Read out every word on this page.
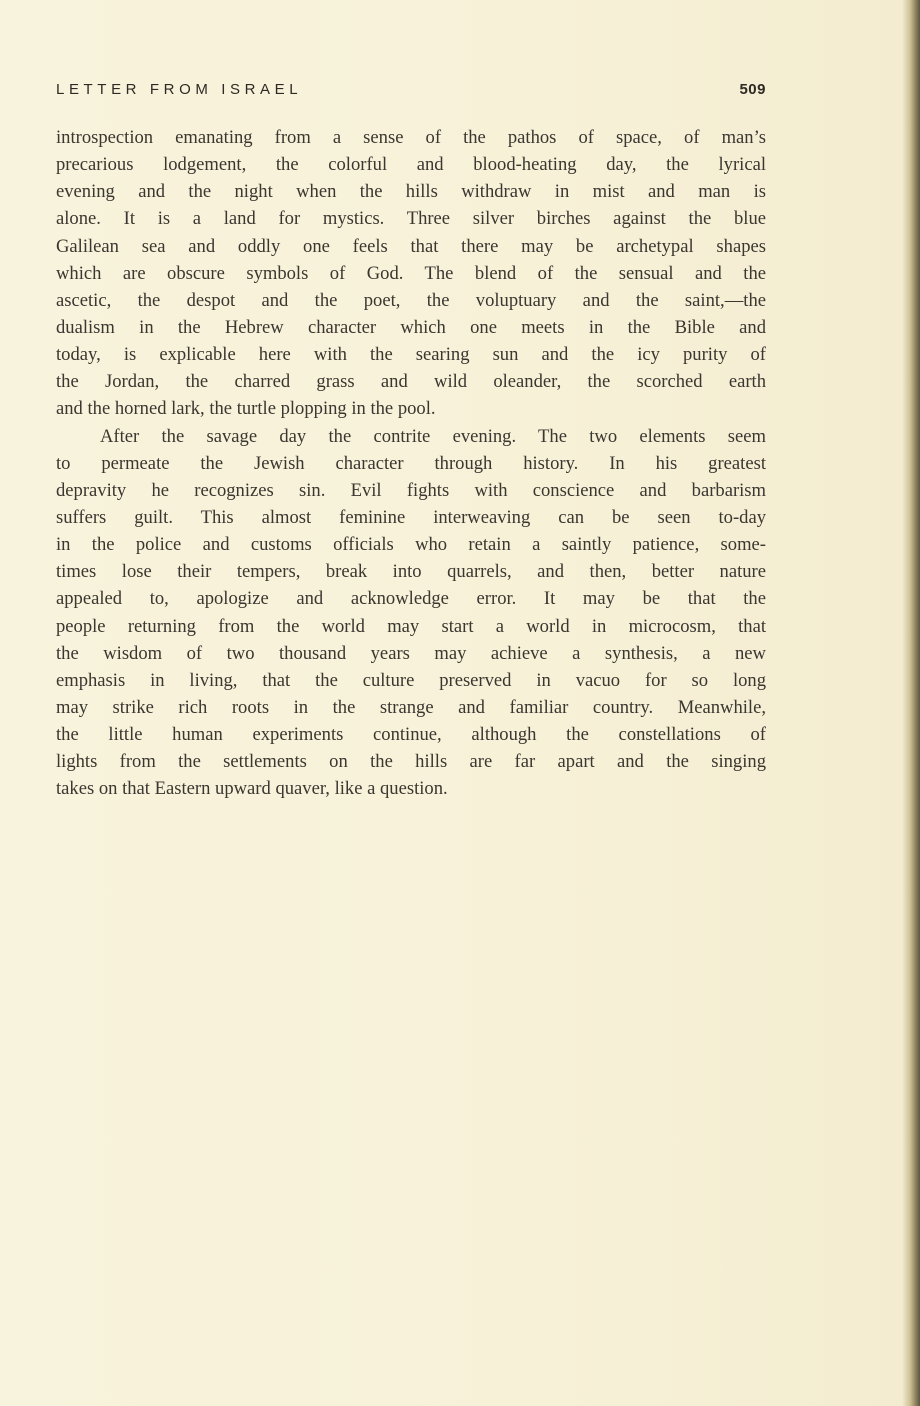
LETTER FROM ISRAEL	509
introspection emanating from a sense of the pathos of space, of man’s
precarious lodgement, the colorful and blood-heating day, the lyrical
evening and the night when the hills withdraw in mist and man is
alone. It is a land for mystics. Three silver birches against the blue
Galilean sea and oddly one feels that there may be archetypal shapes
which are obscure symbols of God. The blend of the sensual and the
ascetic, the despot and the poet, the voluptuary and the saint,—the
dualism in the Hebrew character which one meets in the Bible and
today, is explicable here with the searing sun and the icy purity of
the Jordan, the charred grass and wild oleander, the scorched earth
and the horned lark, the turtle plopping in the pool.
After the savage day the contrite evening. The two elements seem
to permeate the Jewish character through history. In his greatest
depravity he recognizes sin. Evil fights with conscience and barbarism
suffers guilt. This almost feminine interweaving can be seen to-day
in the police and customs officials who retain a saintly patience, some-
times lose their tempers, break into quarrels, and then, better nature
appealed to, apologize and acknowledge error. It may be that the
people returning from the world may start a world in microcosm, that
the wisdom of two thousand years may achieve a synthesis, a new
emphasis in living, that the culture preserved in vacuo for so long
may strike rich roots in the strange and familiar country. Meanwhile,
the little human experiments continue, although the constellations of
lights from the settlements on the hills are far apart and the singing
takes on that Eastern upward quaver, like a question.
